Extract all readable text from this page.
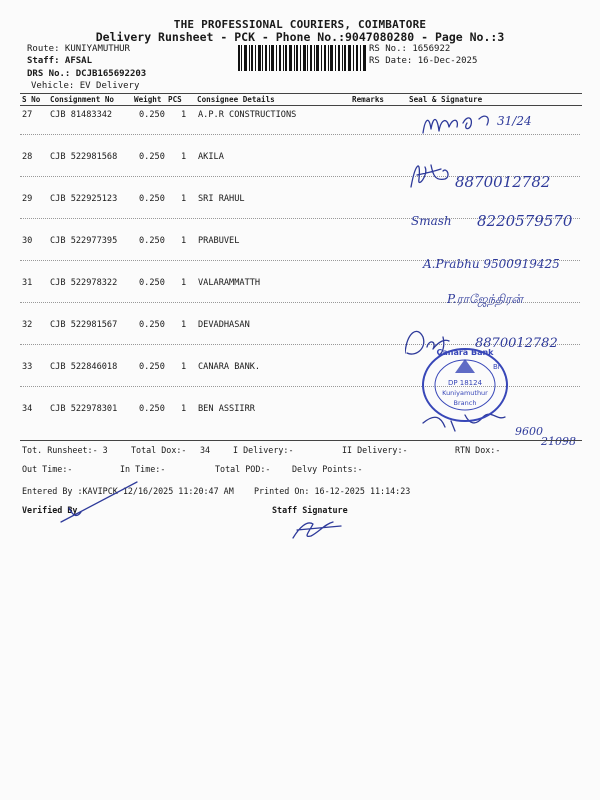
THE PROFESSIONAL COURIERS, COIMBATORE
Delivery Runsheet - PCK - Phone No.:9047080280 - Page No.:3
Route: KUNIYAMUTHUR
Staff: AFSAL
DRS No.: DCJB165692203
Vehicle: EV Delivery
RS No.: 1656922
RS Date: 16-Dec-2025
S No Consignment No	Weight PCS Consignee Details	Remarks	Seal & Signature
27 CJB 81483342	0.250 1 A.P.R CONSTRUCTIONS
28 CJB 522981568	0.250 1 AKILA
29 CJB 522925123	0.250 1 SRI RAHUL
30 CJB 522977395	0.250 1 PRABUVEL
31 CJB 522978322	0.250 1 VALARAMMATTH
32 CJB 522981567	0.250 1 DEVADHASAN
33 CJB 522846018	0.250 1 CANARA BANK.
34 CJB 522978301	0.250 1 BEN ASSIIRR
31/24
8870012782
Smash 8220579570
A.Prabhu 9500919425
P.ராஜேந்திரன்
8870012782
9600
21098
Canara Bank
Br
DP 18124
Kuniyamuthur
Branch
Tot. Runsheet:- 3	Total Dox:- 34	I Delivery:-	II Delivery:-	RTN Dox:-
Out Time:-	In Time:-	Total POD:-	Delvy Points:-
Entered By :KAVIPCK 12/16/2025 11:20:47 AM Printed On: 16-12-2025 11:14:23
Verified By	Staff Signature
